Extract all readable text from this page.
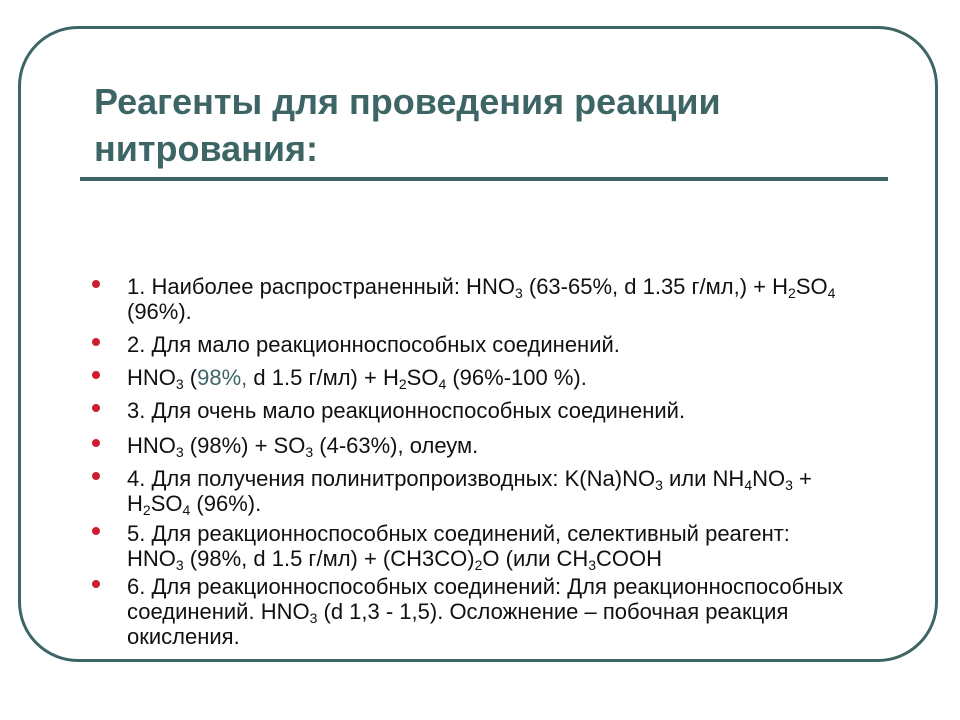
Реагенты для проведения реакции нитрования:
1. Наиболее распространенный: $HNO_3$ (63-65%, d 1.35 $г/мл,) + H_2SO_4$ (96%).
2. Для мало реакционноспособных соединений.
$HNO_3$ (98%, d 1.5 $г/мл) + H_2SO_4$ (96%-100 %).
3. Для очень мало реакционноспособных соединений.
$HNO_3$ $(98\%) + SO_3$ (4-63%), олеум.
4. Для получения полинитропроизводных: $K(Na)NO_3$ или $NH_4NO_3 + H_2SO_4$ (96%).
5. Для реакционноспособных соединений, селективный реагент: $HNO_3$ (98%, d 1.5 $г/мл) + (CH3CO)_2O$ (или $CH_3COOH$
6. Для реакционноспособных соединений: Для реакционноспособных соединений. $HNO_3$ (d 1,3 - 1,5). Осложнение – побочная реакция окисления.
